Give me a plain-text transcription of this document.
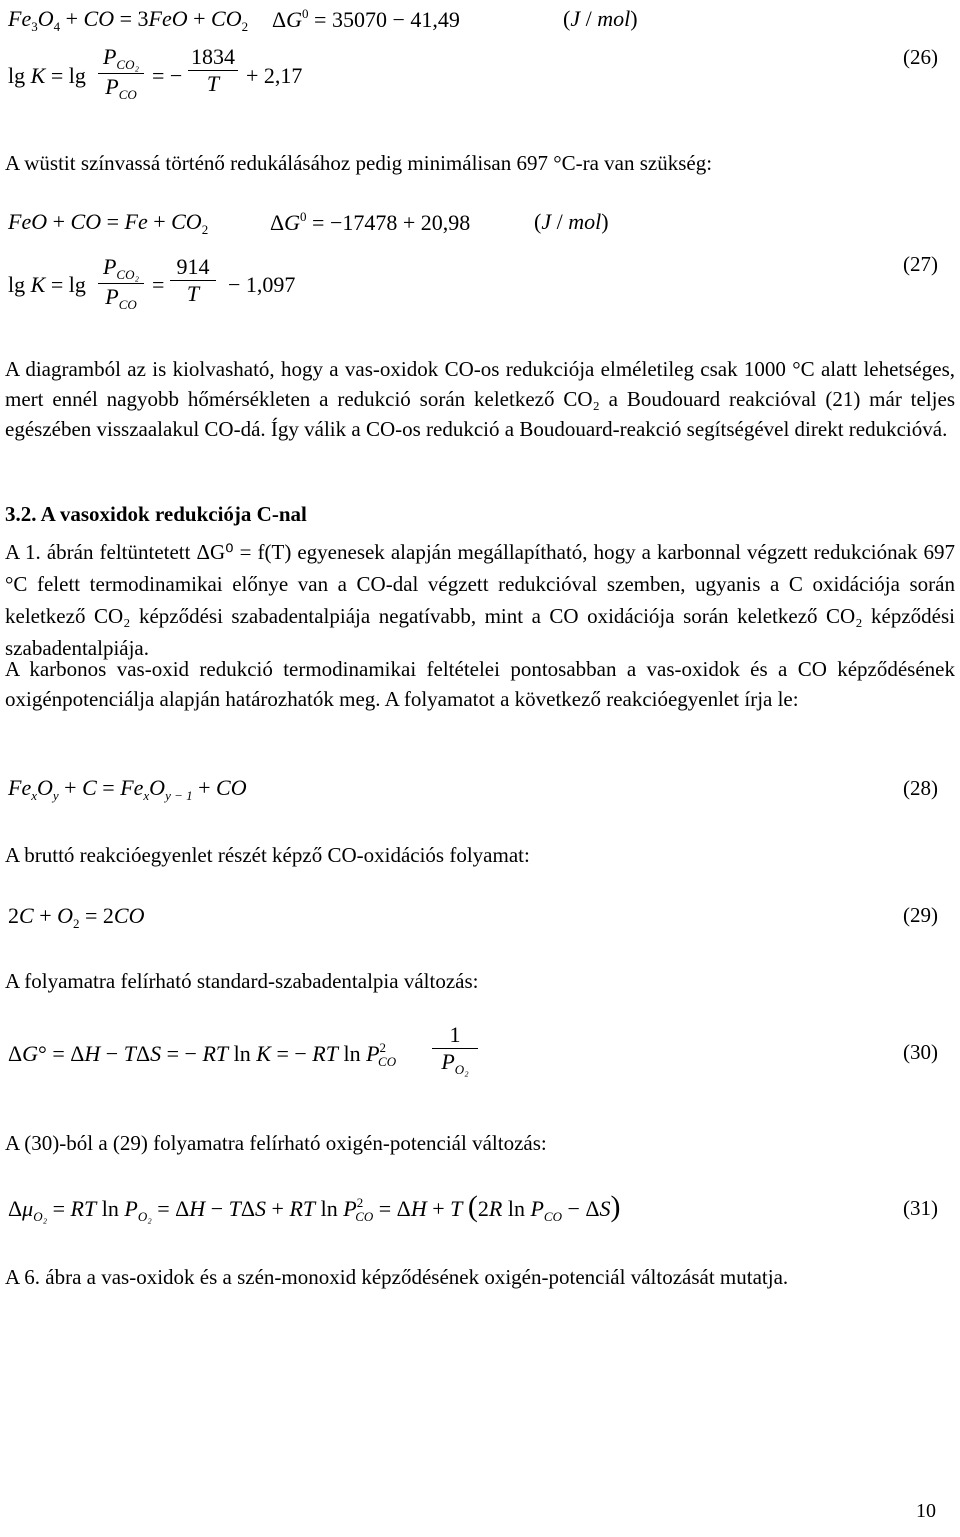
$Fe_3O_4$ + CO = $3FeO + CO_2$ $\Delta G^0 = 35070 - 41,49$	(J / mol)
lg K = lg
$P_{CO_2}$
$P_{CO}$
= −
1834
T	+ 2,17
(26)
A wüstit színvassá történő redukálásához pedig minimálisan 697 °C-ra van szükség:
FeO + CO = $Fe + CO_2$	$\Delta G^0 = -17478 + 20,98$	(J / mol)
lg K = lg
$P_{CO_2}$
$P_{CO}$
=
914
T	− 1,097
(27)
A diagramból az is kiolvasható, hogy a vas-oxidok CO-os redukciója elméletileg csak 1000 °C alatt lehetséges, mert ennél nagyobb hőmérsékleten a redukció során keletkező CO₂ a Boudouard reakcióval (21) már teljes egészében visszaalakul CO-dá. Így válik a CO-os redukció a Boudouard-reakció segítségével direkt redukcióvá.
3.2. A vasoxidok redukciója C-nal
A 1. ábrán feltüntetett ΔG⁰ = f(T) egyenesek alapján megállapítható, hogy a karbonnal végzett redukciónak 697 °C felett termodinamikai előnye van a CO-dal végzett redukcióval szemben, ugyanis a C oxidációja során keletkező CO₂ képződési szabadentalpiája negatívabb, mint a CO oxidációja során keletkező CO₂ képződési szabadentalpiája.
A karbonos vas-oxid redukció termodinamikai feltételei pontosabban a vas-oxidok és a CO képződésének oxigénpotenciálja alapján határozhatók meg. A folyamatot a következő reakcióegyenlet írja le:
$Fe_xO_y + C = Fe_xO_{y - 1}$ + CO	(28)
A bruttó reakcióegyenlet részét képző CO-oxidációs folyamat:
$2C + O_2 = 2CO$	(29)
A folyamatra felírható standard-szabadentalpia változás:
ΔG° = ΔH − TΔS = − RT ln K = − RT $\ln P^2_{CO}$
1
$P_{O_2}$
(30)
A (30)-ból a (29) folyamatra felírható oxigén-potenciál változás:
$\Delta\mu_{O_2}$ = RT $\ln P_{O_2} = \Delta H - T\Delta S$ + RT $\ln P^2_{CO} = \Delta H + T$ (2R $\ln P_{CO} - \Delta S$)	(31)
A 6. ábra a vas-oxidok és a szén-monoxid képződésének oxigén-potenciál változását mutatja.
10
